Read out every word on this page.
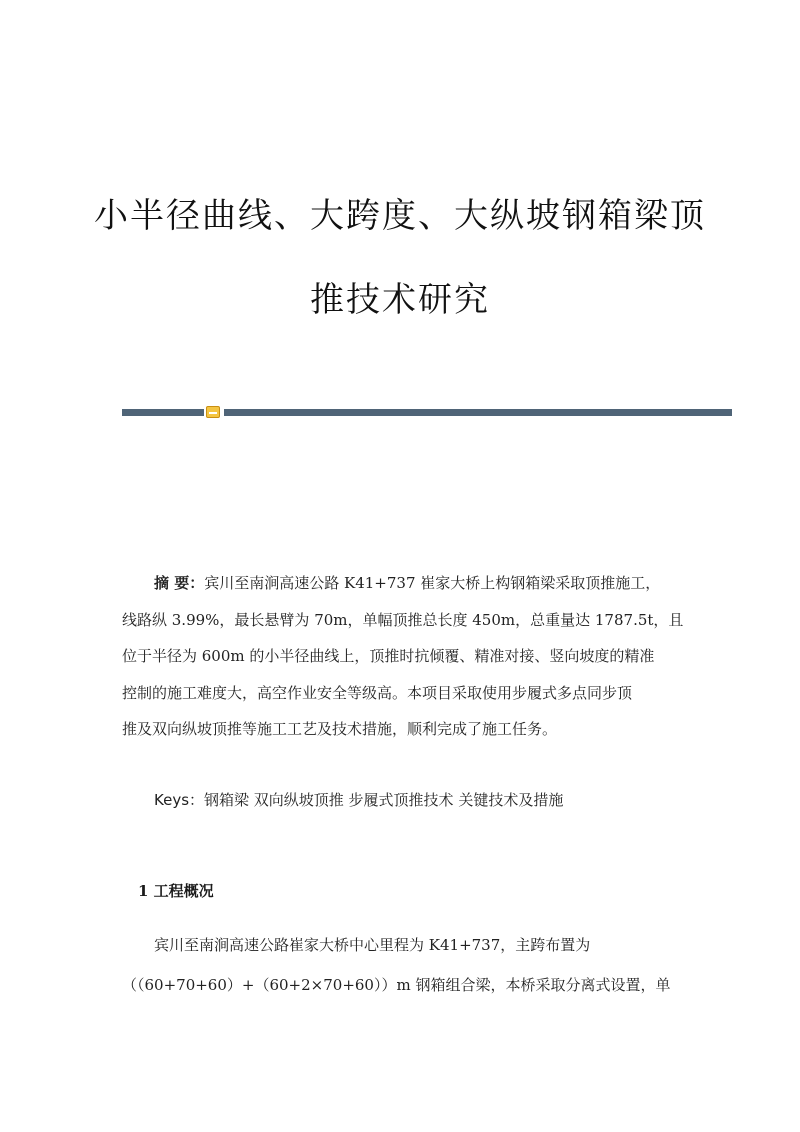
小半径曲线、大跨度、大纵坡钢箱梁顶
推技术研究
摘 要：宾川至南涧高速公路 K41+737 崔家大桥上构钢箱梁采取顶推施工，
线路纵 3.99%，最长悬臂为 70m，单幅顶推总长度 450m，总重量达 1787.5t，且
位于半径为 600m 的小半径曲线上，顶推时抗倾覆、精准对接、竖向坡度的精准
控制的施工难度大，高空作业安全等级高。本项目采取使用步履式多点同步顶
推及双向纵坡顶推等施工工艺及技术措施，顺利完成了施工任务。
Keys：钢箱梁 双向纵坡顶推 步履式顶推技术 关键技术及措施
1 工程概况
宾川至南涧高速公路崔家大桥中心里程为 K41+737，主跨布置为
（（60+70+60）+（60+2×70+60））m 钢箱组合梁，本桥采取分离式设置，单
